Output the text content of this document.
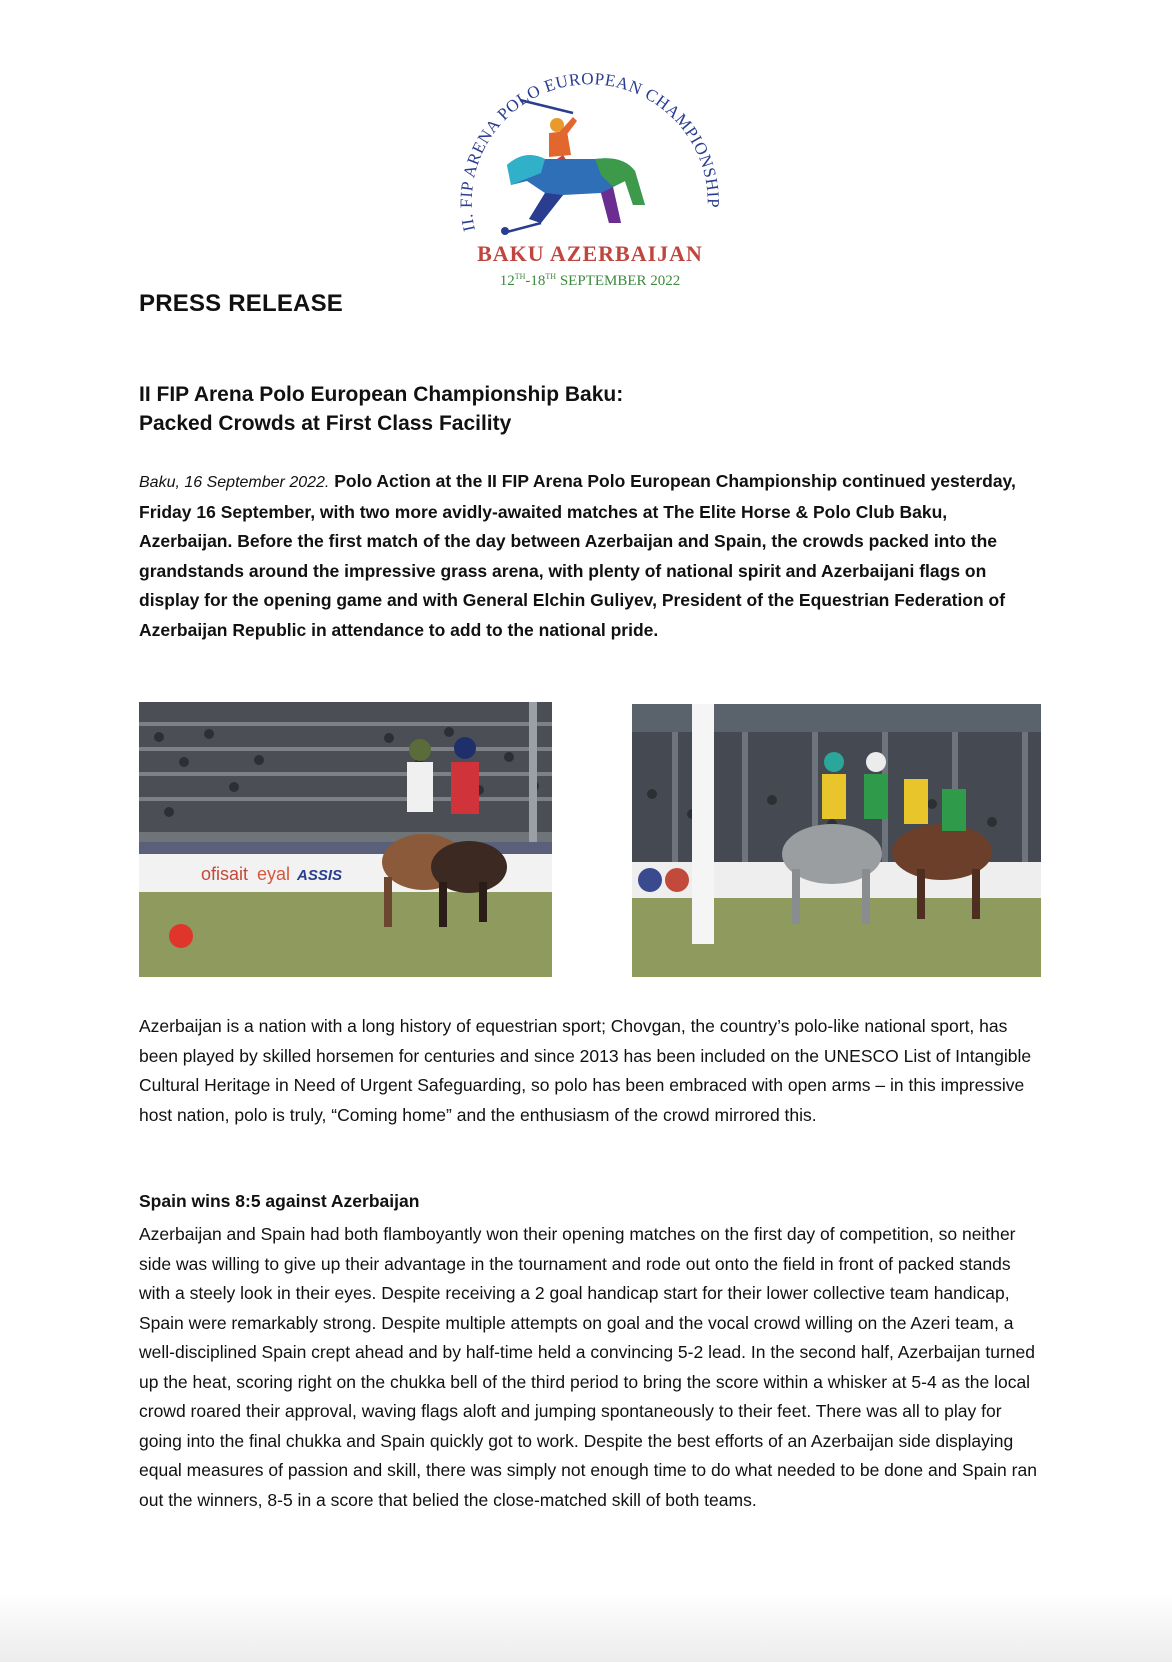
II. FIP ARENA POLO EUROPEAN CHAMPIONSHIP
BAKU AZERBAIJAN
12TH-18TH SEPTEMBER 2022
PRESS RELEASE
II FIP Arena Polo European Championship Baku:
Packed Crowds at First Class Facility
Baku, 16 September 2022. Polo Action at the II FIP Arena Polo European Championship continued yesterday, Friday 16 September, with two more avidly-awaited matches at The Elite Horse & Polo Club Baku, Azerbaijan. Before the first match of the day between Azerbaijan and Spain, the crowds packed into the grandstands around the impressive grass arena, with plenty of national spirit and Azerbaijani flags on display for the opening game and with General Elchin Guliyev, President of the Equestrian Federation of Azerbaijan Republic in attendance to add to the national pride.
ofisait eyal ASSIS
Azerbaijan is a nation with a long history of equestrian sport; Chovgan, the country’s polo-like national sport, has been played by skilled horsemen for centuries and since 2013 has been included on the UNESCO List of Intangible Cultural Heritage in Need of Urgent Safeguarding, so polo has been embraced with open arms – in this impressive host nation, polo is truly, “Coming home” and the enthusiasm of the crowd mirrored this.
Spain wins 8:5 against Azerbaijan
Azerbaijan and Spain had both flamboyantly won their opening matches on the first day of competition, so neither side was willing to give up their advantage in the tournament and rode out onto the field in front of packed stands with a steely look in their eyes. Despite receiving a 2 goal handicap start for their lower collective team handicap, Spain were remarkably strong. Despite multiple attempts on goal and the vocal crowd willing on the Azeri team, a well-disciplined Spain crept ahead and by half-time held a convincing 5-2 lead. In the second half, Azerbaijan turned up the heat, scoring right on the chukka bell of the third period to bring the score within a whisker at 5-4 as the local crowd roared their approval, waving flags aloft and jumping spontaneously to their feet. There was all to play for going into the final chukka and Spain quickly got to work. Despite the best efforts of an Azerbaijan side displaying equal measures of passion and skill, there was simply not enough time to do what needed to be done and Spain ran out the winners, 8-5 in a score that belied the close-matched skill of both teams.
